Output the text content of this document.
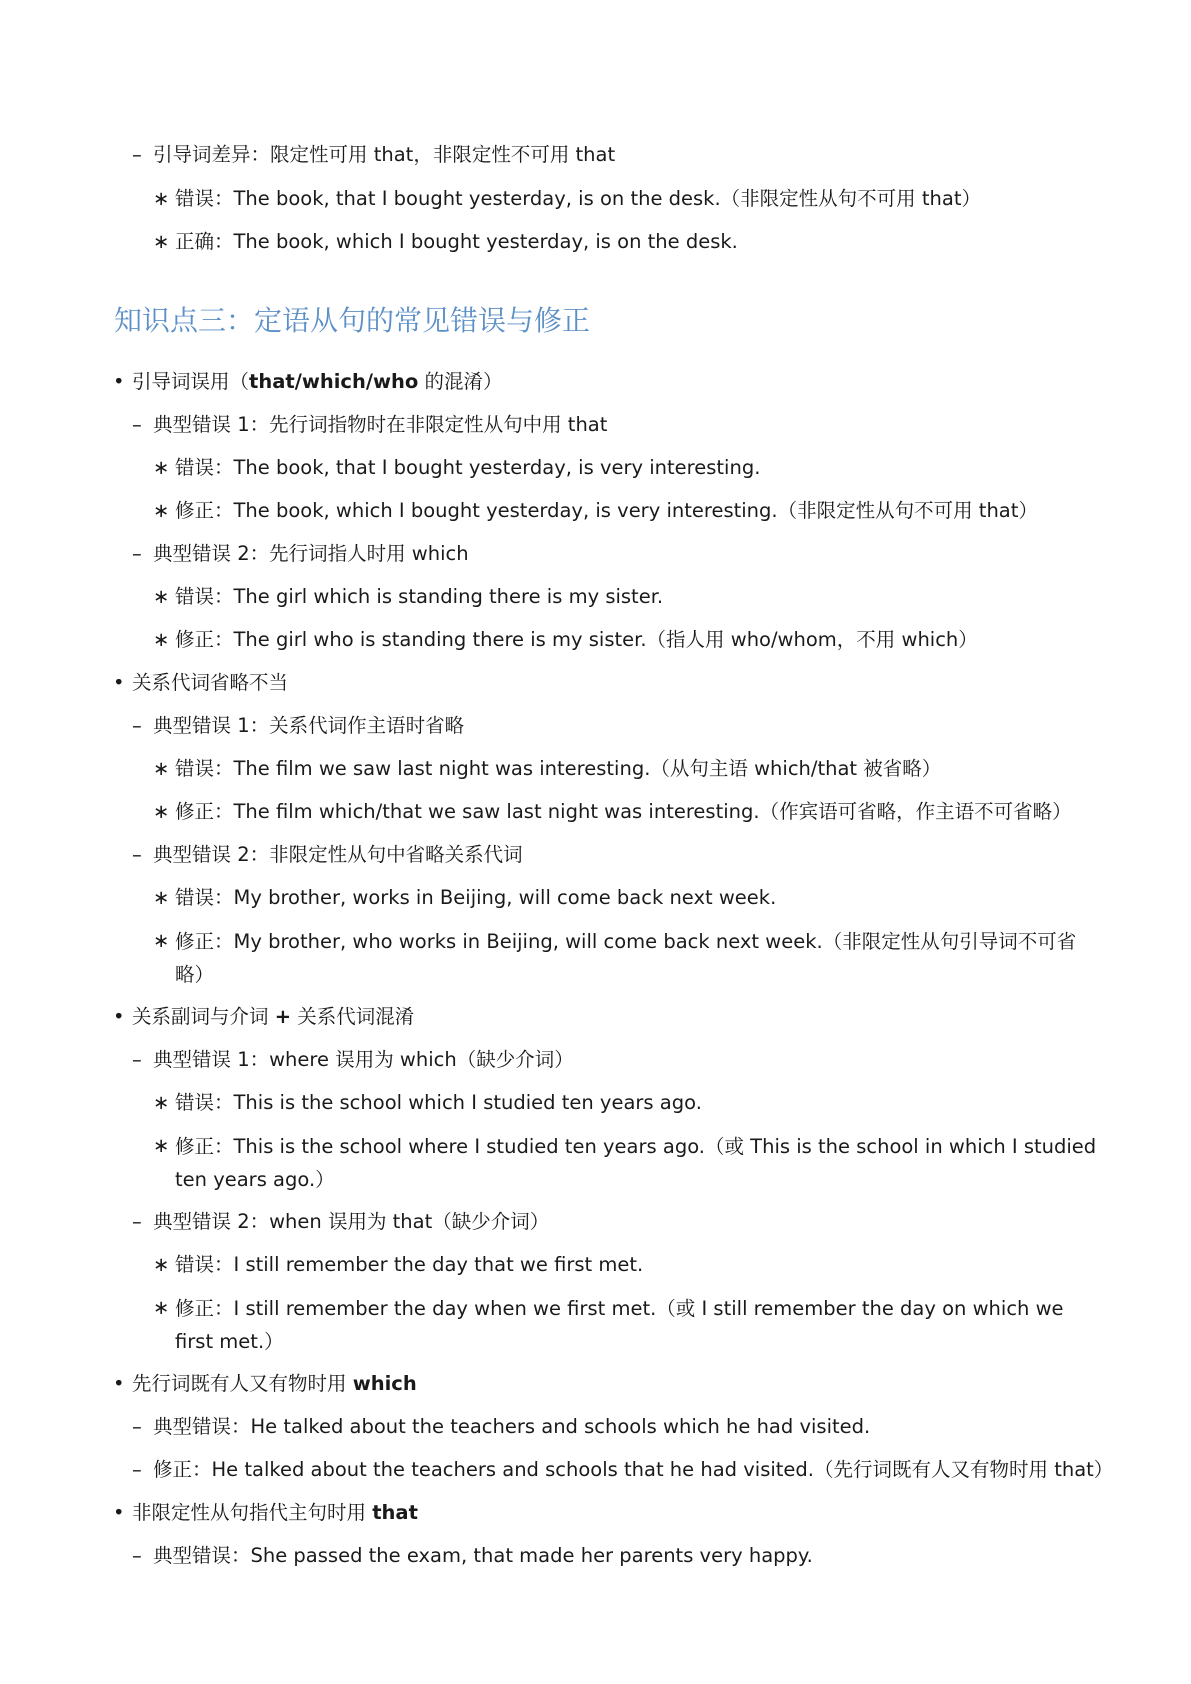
– 引导词差异：限定性可用 that，非限定性不可用 that
∗ 错误：The book, that I bought yesterday, is on the desk.（非限定性从句不可用 that）
∗ 正确：The book, which I bought yesterday, is on the desk.
知识点三：定语从句的常见错误与修正
• 引导词误用（that/which/who 的混淆）
– 典型错误 1：先行词指物时在非限定性从句中用 that
∗ 错误：The book, that I bought yesterday, is very interesting.
∗ 修正：The book, which I bought yesterday, is very interesting.（非限定性从句不可用 that）
– 典型错误 2：先行词指人时用 which
∗ 错误：The girl which is standing there is my sister.
∗ 修正：The girl who is standing there is my sister.（指人用 who/whom，不用 which）
• 关系代词省略不当
– 典型错误 1：关系代词作主语时省略
∗ 错误：The film we saw last night was interesting.（从句主语 which/that 被省略）
∗ 修正：The film which/that we saw last night was interesting.（作宾语可省略，作主语不可省略）
– 典型错误 2：非限定性从句中省略关系代词
∗ 错误：My brother, works in Beijing, will come back next week.
∗ 修正：My brother, who works in Beijing, will come back next week.（非限定性从句引导词不可省略）
• 关系副词与介词 + 关系代词混淆
– 典型错误 1：where 误用为 which（缺少介词）
∗ 错误：This is the school which I studied ten years ago.
∗ 修正：This is the school where I studied ten years ago.（或 This is the school in which I studied ten years ago.）
– 典型错误 2：when 误用为 that（缺少介词）
∗ 错误：I still remember the day that we first met.
∗ 修正：I still remember the day when we first met.（或 I still remember the day on which we first met.）
• 先行词既有人又有物时用 which
– 典型错误：He talked about the teachers and schools which he had visited.
– 修正：He talked about the teachers and schools that he had visited.（先行词既有人又有物时用 that）
• 非限定性从句指代主句时用 that
– 典型错误：She passed the exam, that made her parents very happy.
